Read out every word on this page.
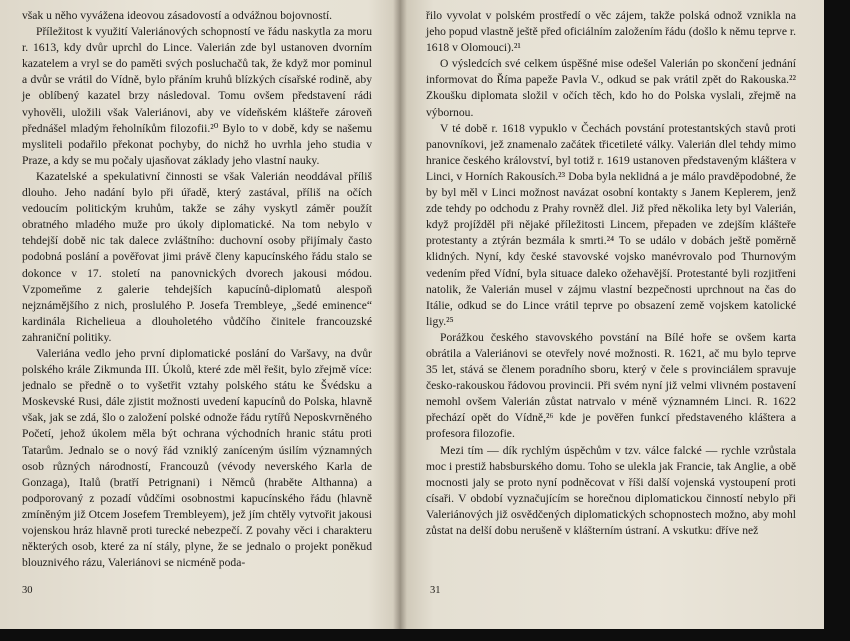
však u něho vyvážena ideovou zásadovostí a odvážnou bojovností.

Příležitost k využití Valeriánových schopností ve řádu naskytla za moru r. 1613, kdy dvůr uprchl do Lince. Valerián zde byl ustanoven dvorním kazatelem a vryl se do paměti svých posluchačů tak, že když mor pominul a dvůr se vrátil do Vídně, bylo přáním kruhů blízkých císařské rodině, aby je oblíbený kazatel brzy následoval. Tomu ovšem představení rádi vyhověli, uložili však Valeriánovi, aby ve vídeňském klášteře zároveň přednášel mladým řeholníkům filozofii.²⁰ Bylo to v době, kdy se našemu mysliteli podařilo překonat pochyby, do nichž ho uvrhla jeho studia v Praze, a kdy se mu počaly ujasňovat základy jeho vlastní nauky.

Kazatelské a spekulativní činnosti se však Valerián neoddával příliš dlouho. Jeho nadání bylo při úřadě, který zastával, příliš na očích vedoucím politickým kruhům, takže se záhy vyskytl záměr použít obratného mladého muže pro úkoly diplomatické. Na tom nebylo v tehdejší době nic tak dalece zvláštního: duchovní osoby přijímaly často podobná poslání a pověřovat jimi právě členy kapucínského řádu stalo se dokonce v 17. století na panovnických dvorech jakousi módou. Vzpomeňme z galerie tehdejších kapucínů-diplomatů alespoň nejznámějšího z nich, proslulého P. Josefa Trembleye, „šedé eminence“ kardinála Richelieua a dlouholetého vůdčího činitele francouzské zahraniční politiky.

Valeriána vedlo jeho první diplomatické poslání do Varšavy, na dvůr polského krále Zikmunda III. Úkolů, které zde měl řešit, bylo zřejmě více: jednalo se předně o to vyšetřit vztahy polského státu ke Švédsku a Moskevské Rusi, dále zjistit možnosti uvedení kapucínů do Polska, hlavně však, jak se zdá, šlo o založení polské odnože řádu rytířů Neposkvrněného Početí, jehož úkolem měla být ochrana východních hranic státu proti Tatarům. Jednalo se o nový řád vzniklý zaníceným úsilím významných osob různých národností, Francouzů (vévody neverského Karla de Gonzaga), Italů (bratří Petrignani) i Němců (hraběte Althanna) a podporovaný z pozadí vůdčími osobnostmi kapucínského řádu (hlavně zmíněným již Otcem Josefem Trembleyem), jež jím chtěly vytvořit jakousi vojenskou hráz hlavně proti turecké nebezpečí. Z povahy věci i charakteru některých osob, které za ní stály, plyne, že se jednalo o projekt poněkud blouznivého rázu, Valeriánovi se nicméně poda-

30

řilo vyvolat v polském prostředí o věc zájem, takže polská odnož vznikla na jeho popud vlastně ještě před oficiálním založením řádu (došlo k němu teprve r. 1618 v Olomouci).²¹

O výsledcích své celkem úspěšné mise odešel Valerián po skončení jednání informovat do Říma papeže Pavla V., odkud se pak vrátil zpět do Rakouska.²² Zkoušku diplomata složil v očích těch, kdo ho do Polska vyslali, zřejmě na výbornou.

V té době r. 1618 vypuklo v Čechách povstání protestantských stavů proti panovníkovi, jež znamenalo začátek třicetileté války. Valerián dlel tehdy mimo hranice českého království, byl totiž r. 1619 ustanoven představeným kláštera v Linci, v Horních Rakousích.²³ Doba byla neklidná a je málo pravděpodobné, že by byl měl v Linci možnost navázat osobní kontakty s Janem Keplerem, jenž zde tehdy po odchodu z Prahy rovněž dlel. Již před několika lety byl Valerián, když projížděl při nějaké příležitosti Lincem, přepaden ve zdejším klášteře protestanty a ztýrán bezmála k smrti.²⁴ To se událo v dobách ještě poměrně klidných. Nyní, kdy české stavovské vojsko manévrovalo pod Thurnovým vedením před Vídní, byla situace daleko ožehavější. Protestanté byli rozjitřeni natolik, že Valerián musel v zájmu vlastní bezpečnosti uprchnout na čas do Itálie, odkud se do Lince vrátil teprve po obsazení země vojskem katolické ligy.²⁵

Porážkou českého stavovského povstání na Bílé hoře se ovšem karta obrátila a Valeriánovi se otevřely nové možnosti. R. 1621, ač mu bylo teprve 35 let, stává se členem poradního sboru, který v čele s provinciálem spravuje česko-rakouskou řádovou provincii. Při svém nyní již velmi vlivném postavení nemohl ovšem Valerián zůstat natrvalo v méně významném Linci. R. 1622 přechází opět do Vídně,²⁶ kde je pověřen funkcí představeného kláštera a profesora filozofie.

Mezi tím — dík rychlým úspěchům v tzv. válce falcké — rychle vzrůstala moc i prestiž habsburského domu. Toho se ulekla jak Francie, tak Anglie, a obě mocnosti jaly se proto nyní podněcovat v říši další vojenská vystoupení proti císaři. V období vyznačujícím se horečnou diplomatickou činností nebylo při Valeriánových již osvědčených diplomatických schopnostech možno, aby mohl zůstat na delší dobu nerušeně v klášterním ústraní. A vskutku: dříve než

31
